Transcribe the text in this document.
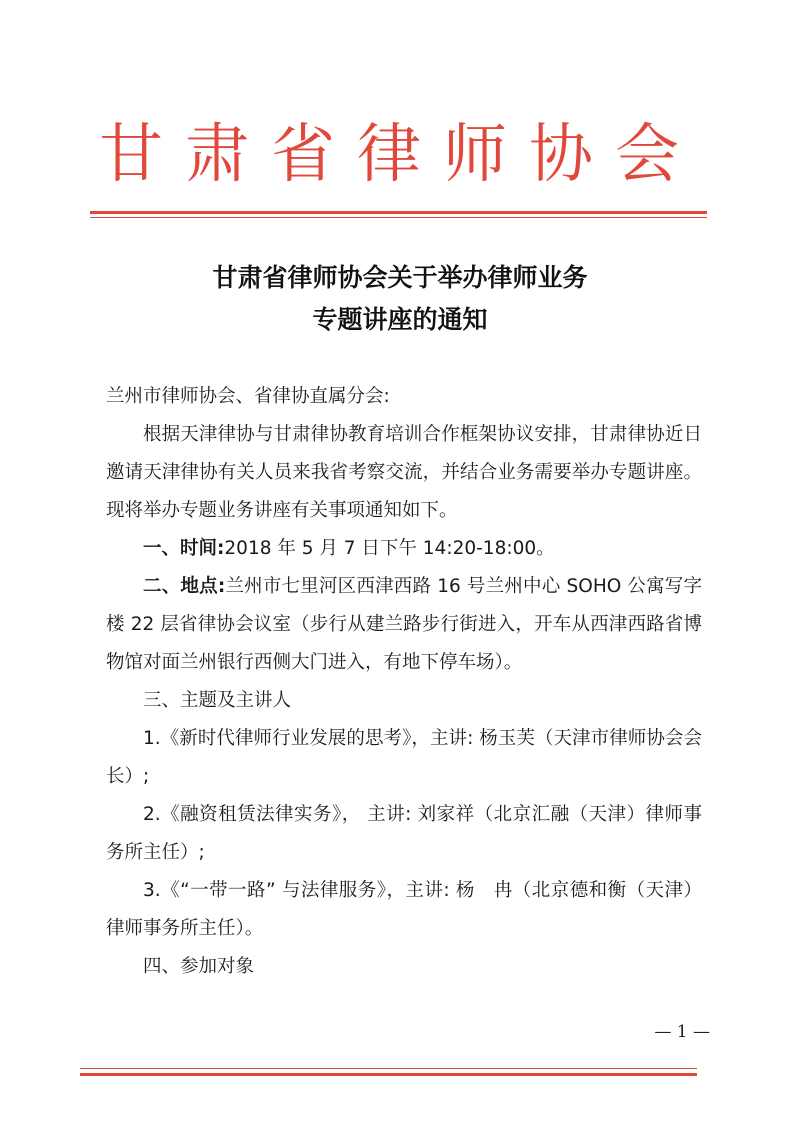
甘肃省律师协会
甘肃省律师协会关于举办律师业务
专题讲座的通知

兰州市律师协会、省律协直属分会:

根据天津律协与甘肃律协教育培训合作框架协议安排，甘肃律协近日邀请天津律协有关人员来我省考察交流，并结合业务需要举办专题讲座。现将举办专题业务讲座有关事项通知如下。

一、时间:2018 年 5 月 7 日下午 14:20-18:00。

二、地点:兰州市七里河区西津西路 16 号兰州中心 SOHO 公寓写字楼 22 层省律协会议室（步行从建兰路步行街进入，开车从西津西路省博物馆对面兰州银行西侧大门进入，有地下停车场）。

三、主题及主讲人

1.《新时代律师行业发展的思考》，主讲: 杨玉芙（天津市律师协会会长）;

2.《融资租赁法律实务》， 主讲: 刘家祥（北京汇融（天津）律师事务所主任）;

3.《“一带一路” 与法律服务》，主讲: 杨　冉（北京德和衡（天津）律师事务所主任）。

四、参加对象

— 1 —
